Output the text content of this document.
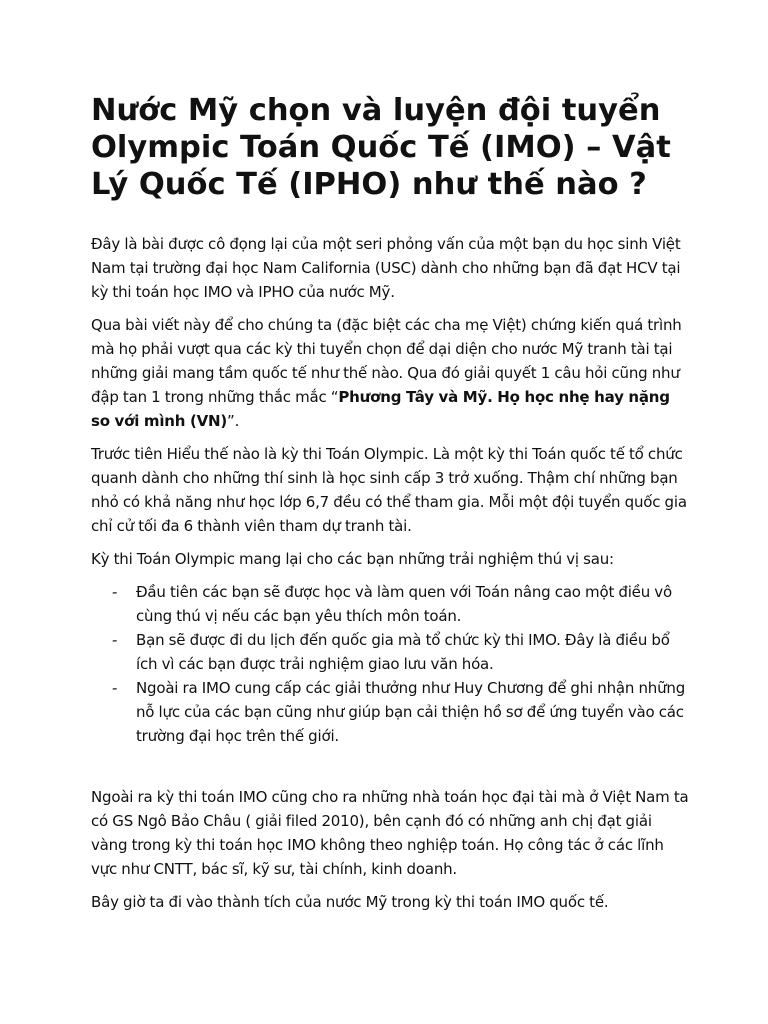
Nước Mỹ chọn và luyện đội tuyển Olympic Toán Quốc Tế (IMO) – Vật Lý Quốc Tế (IPHO) như thế nào ?

Đây là bài được cô đọng lại của một seri phỏng vấn của một bạn du học sinh Việt Nam tại trường đại học Nam California (USC) dành cho những bạn đã đạt HCV tại kỳ thi toán học IMO và IPHO của nước Mỹ.

Qua bài viết này để cho chúng ta (đặc biệt các cha mẹ Việt) chứng kiến quá trình mà họ phải vượt qua các kỳ thi tuyển chọn để dại diện cho nước Mỹ tranh tài tại những giải mang tầm quốc tế như thế nào. Qua đó giải quyết 1 câu hỏi cũng như đập tan 1 trong những thắc mắc “Phương Tây và Mỹ. Họ học nhẹ hay nặng so với mình (VN)”.

Trước tiên Hiểu thế nào là kỳ thi Toán Olympic. Là một kỳ thi Toán quốc tế tổ chức quanh dành cho những thí sinh là học sinh cấp 3 trở xuống. Thậm chí những bạn nhỏ có khả năng như học lớp 6,7 đều có thể tham gia. Mỗi một đội tuyển quốc gia chỉ cử tối đa 6 thành viên tham dự tranh tài.

Kỳ thi Toán Olympic mang lại cho các bạn những trải nghiệm thú vị sau:

- Đầu tiên các bạn sẽ được học và làm quen với Toán nâng cao một điều vô cùng thú vị nếu các bạn yêu thích môn toán.
- Bạn sẽ được đi du lịch đến quốc gia mà tổ chức kỳ thi IMO. Đây là điều bổ ích vì các bạn được trải nghiệm giao lưu văn hóa.
- Ngoài ra IMO cung cấp các giải thưởng như Huy Chương để ghi nhận những nỗ lực của các bạn cũng như giúp bạn cải thiện hồ sơ để ứng tuyển vào các trường đại học trên thế giới.

Ngoài ra kỳ thi toán IMO cũng cho ra những nhà toán học đại tài mà ở Việt Nam ta có GS Ngô Bảo Châu ( giải filed 2010), bên cạnh đó có những anh chị đạt giải vàng trong kỳ thi toán học IMO không theo nghiệp toán. Họ công tác ở các lĩnh vực như CNTT, bác sĩ, kỹ sư, tài chính, kinh doanh.

Bây giờ ta đi vào thành tích của nước Mỹ trong kỳ thi toán IMO quốc tế.
